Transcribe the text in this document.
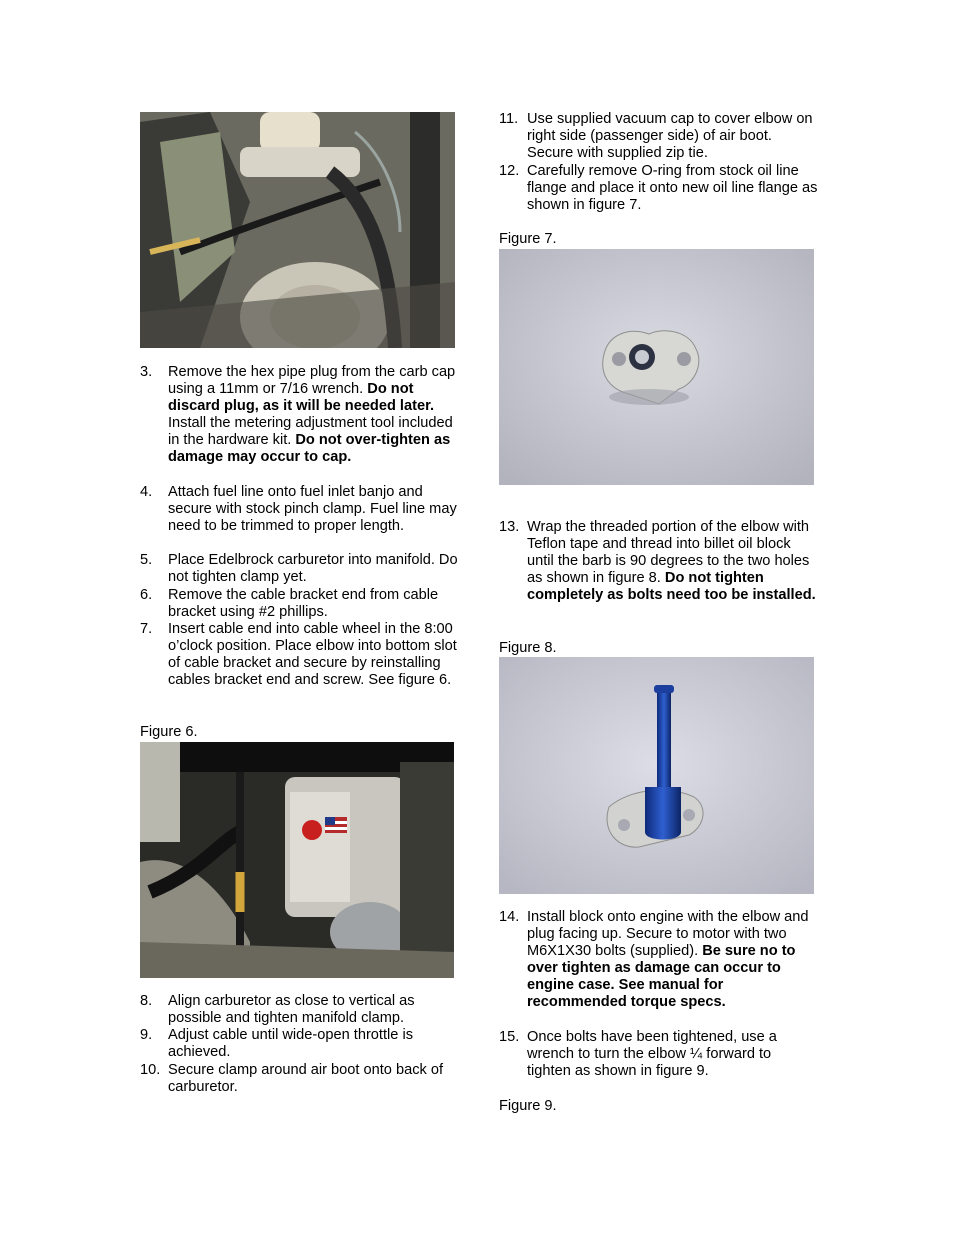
3. Remove the hex pipe plug from the carb cap using a 11mm or 7/16 wrench. Do not discard plug, as it will be needed later. Install the metering adjustment tool included in the hardware kit. Do not over-tighten as damage may occur to cap.
4. Attach fuel line onto fuel inlet banjo and secure with stock pinch clamp. Fuel line may need to be trimmed to proper length.
5. Place Edelbrock carburetor into manifold. Do not tighten clamp yet.
6. Remove the cable bracket end from cable bracket using #2 phillips.
7. Insert cable end into cable wheel in the 8:00 o’clock position. Place elbow into bottom slot of cable bracket and secure by reinstalling cables bracket end and screw. See figure 6.
Figure 6.
8. Align carburetor as close to vertical as possible and tighten manifold clamp.
9. Adjust cable until wide-open throttle is achieved.
10. Secure clamp around air boot onto back of carburetor.
11. Use supplied vacuum cap to cover elbow on right side (passenger side) of air boot. Secure with supplied zip tie.
12. Carefully remove O-ring from stock oil line flange and place it onto new oil line flange as shown in figure 7.
Figure 7.
13. Wrap the threaded portion of the elbow with Teflon tape and thread into billet oil block until the barb is 90 degrees to the two holes as shown in figure 8. Do not tighten completely as bolts need too be installed.
Figure 8.
14. Install block onto engine with the elbow and plug facing up. Secure to motor with two M6X1X30 bolts (supplied). Be sure no to over tighten as damage can occur to engine case. See manual for recommended torque specs.
15. Once bolts have been tightened, use a wrench to turn the elbow ¼ forward to tighten as shown in figure 9.
Figure 9.
